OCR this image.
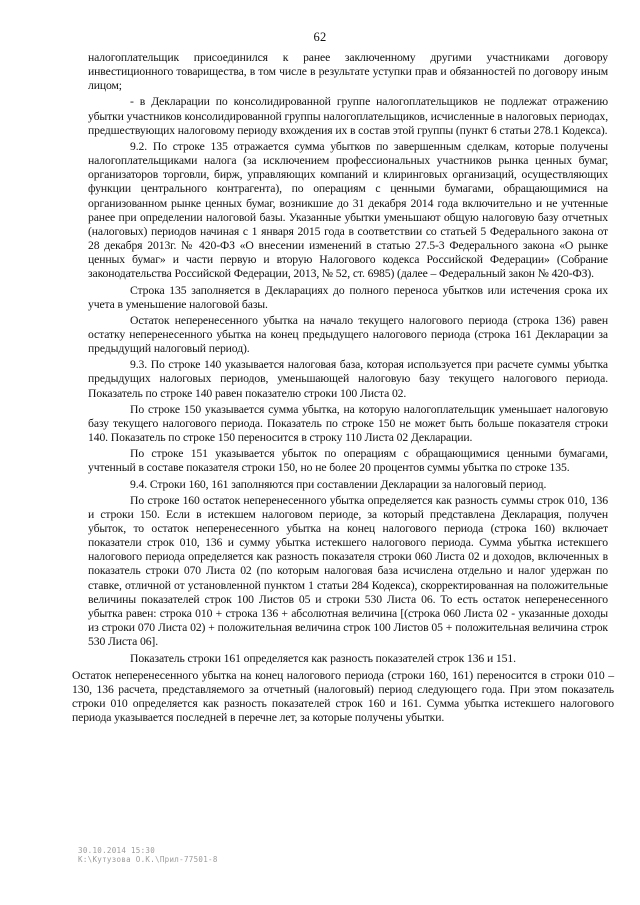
62

налогоплательщик присоединился к ранее заключенному другими участниками договору инвестиционного товарищества, в том числе в результате уступки прав и обязанностей по договору иным лицом;

- в Декларации по консолидированной группе налогоплательщиков не подлежат отражению убытки участников консолидированной группы налогоплательщиков, исчисленные в налоговых периодах, предшествующих налоговому периоду вхождения их в состав этой группы (пункт 6 статьи 278.1 Кодекса).

9.2. По строке 135 отражается сумма убытков по завершенным сделкам, которые получены налогоплательщиками налога (за исключением профессиональных участников рынка ценных бумаг, организаторов торговли, бирж, управляющих компаний и клиринговых организаций, осуществляющих функции центрального контрагента), по операциям с ценными бумагами, обращающимися на организованном рынке ценных бумаг, возникшие до 31 декабря 2014 года включительно и не учтенные ранее при определении налоговой базы. Указанные убытки уменьшают общую налоговую базу отчетных (налоговых) периодов начиная с 1 января 2015 года в соответствии со статьей 5 Федерального закона от 28 декабря 2013г. № 420-ФЗ «О внесении изменений в статью 27.5-3 Федерального закона «О рынке ценных бумаг» и части первую и вторую Налогового кодекса Российской Федерации» (Собрание законодательства Российской Федерации, 2013, № 52, ст. 6985) (далее – Федеральный закон № 420-ФЗ).

Строка 135 заполняется в Декларациях до полного переноса убытков или истечения срока их учета в уменьшение налоговой базы.

Остаток неперенесенного убытка на начало текущего налогового периода (строка 136) равен остатку неперенесенного убытка на конец предыдущего налогового периода (строка 161 Декларации за предыдущий налоговый период).

9.3. По строке 140 указывается налоговая база, которая используется при расчете суммы убытка предыдущих налоговых периодов, уменьшающей налоговую базу текущего налогового периода. Показатель по строке 140 равен показателю строки 100 Листа 02.

По строке 150 указывается сумма убытка, на которую налогоплательщик уменьшает налоговую базу текущего налогового периода. Показатель по строке 150 не может быть больше показателя строки 140. Показатель по строке 150 переносится в строку 110 Листа 02 Декларации.

По строке 151 указывается убыток по операциям с обращающимися ценными бумагами, учтенный в составе показателя строки 150, но не более 20 процентов суммы убытка по строке 135.

9.4. Строки 160, 161 заполняются при составлении Декларации за налоговый период.

По строке 160 остаток неперенесенного убытка определяется как разность суммы строк 010, 136 и строки 150. Если в истекшем налоговом периоде, за который представлена Декларация, получен убыток, то остаток неперенесенного убытка на конец налогового периода (строка 160) включает показатели строк 010, 136 и сумму убытка истекшего налогового периода. Сумма убытка истекшего налогового периода определяется как разность показателя строки 060 Листа 02 и доходов, включенных в показатель строки 070 Листа 02 (по которым налоговая база исчислена отдельно и налог удержан по ставке, отличной от установленной пунктом 1 статьи 284 Кодекса), скорректированная на положительные величины показателей строк 100 Листов 05 и строки 530 Листа 06. То есть остаток неперенесенного убытка равен: строка 010 + строка 136 + абсолютная величина [(строка 060 Листа 02 - указанные доходы из строки 070 Листа 02) + положительная величина строк 100 Листов 05 + положительная величина строк 530 Листа 06].

Показатель строки 161 определяется как разность показателей строк 136 и 151.

Остаток неперенесенного убытка на конец налогового периода (строки 160, 161) переносится в строки 010 – 130, 136 расчета, представляемого за отчетный (налоговый) период следующего года. При этом показатель строки 010 определяется как разность показателей строк 160 и 161. Сумма убытка истекшего налогового периода указывается последней в перечне лет, за которые получены убытки.

30.10.2014 15:30
К:\Кутузова О.К.\Прил-77501-8
